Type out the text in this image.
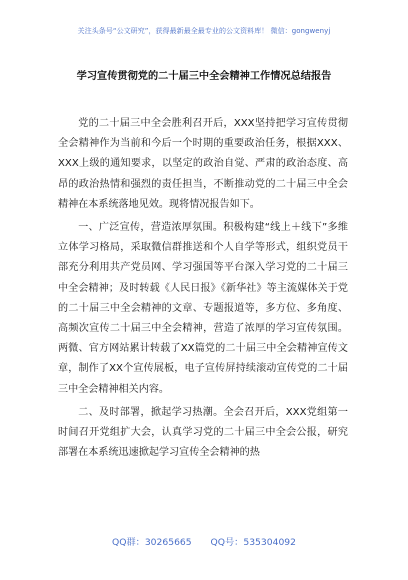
关注头条号“公文研究”，获得最新最全最专业的公文资料库！ 微信：gongwenyj
学习宣传贯彻党的二十届三中全会精神工作情况总结报告

党的二十届三中全会胜利召开后，XXX坚持把学习宣传贯彻全会精神作为当前和今后一个时期的重要政治任务，根据XXX、XXX上级的通知要求，以坚定的政治自觉、严肃的政治态度、高昂的政治热情和强烈的责任担当，不断推动党的二十届三中全会精神在本系统落地见效。现将情况报告如下。

一、广泛宣传，营造浓厚氛围。积极构建“线上＋线下”多维立体学习格局，采取微信群推送和个人自学等形式，组织党员干部充分利用共产党员网、学习强国等平台深入学习党的二十届三中全会精神；及时转载《人民日报》《新华社》等主流媒体关于党的二十届三中全会精神的文章、专题报道等，多方位、多角度、高频次宣传二十届三中全会精神，营造了浓厚的学习宣传氛围。两微、官方网站累计转载了XX篇党的二十届三中全会精神宣传文章，制作了XX个宣传展板，电子宣传屏持续滚动宣传党的二十届三中全会精神相关内容。

二、及时部署，掀起学习热潮。全会召开后，XXX党组第一时间召开党组扩大会，认真学习党的二十届三中全会公报，研究部署在本系统迅速掀起学习宣传全会精神的热

QQ群：30265665 QQ号：535304092
